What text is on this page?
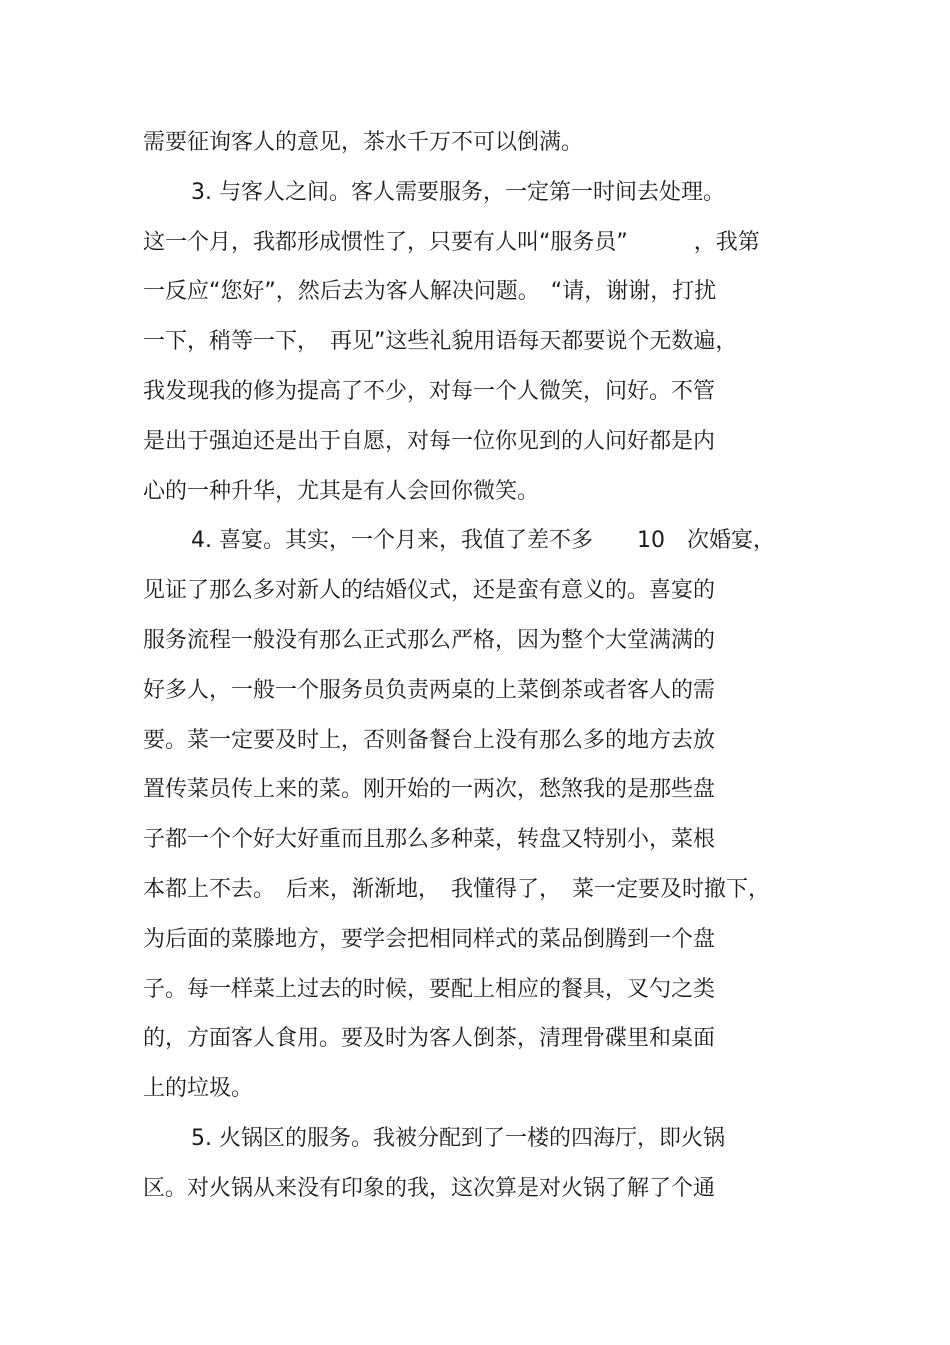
需要征询客人的意见，茶水千万不可以倒满。
3. 与客人之间。客人需要服务，一定第一时间去处理。
这一个月，我都形成惯性了，只要有人叫“服务员”　　　，我第
一反应“您好”，然后去为客人解决问题。　“请，谢谢，打扰
一下，稍等一下，　再见”这些礼貌用语每天都要说个无数遍，
我发现我的修为提高了不少，对每一个人微笑，问好。不管
是出于强迫还是出于自愿，对每一位你见到的人问好都是内
心的一种升华，尤其是有人会回你微笑。
4. 喜宴。其实，一个月来，我值了差不多　　10　次婚宴，
见证了那么多对新人的结婚仪式，还是蛮有意义的。喜宴的
服务流程一般没有那么正式那么严格，因为整个大堂满满的
好多人，一般一个服务员负责两桌的上菜倒茶或者客人的需
要。菜一定要及时上，否则备餐台上没有那么多的地方去放
置传菜员传上来的菜。刚开始的一两次，愁煞我的是那些盘
子都一个个好大好重而且那么多种菜，转盘又特别小，菜根
本都上不去。　后来，渐渐地，　我懂得了，　菜一定要及时撤下，
为后面的菜滕地方，要学会把相同样式的菜品倒腾到一个盘
子。每一样菜上过去的时候，要配上相应的餐具，叉勺之类
的，方面客人食用。要及时为客人倒茶，清理骨碟里和桌面
上的垃圾。
5. 火锅区的服务。我被分配到了一楼的四海厅，即火锅
区。对火锅从来没有印象的我，这次算是对火锅了解了个通
